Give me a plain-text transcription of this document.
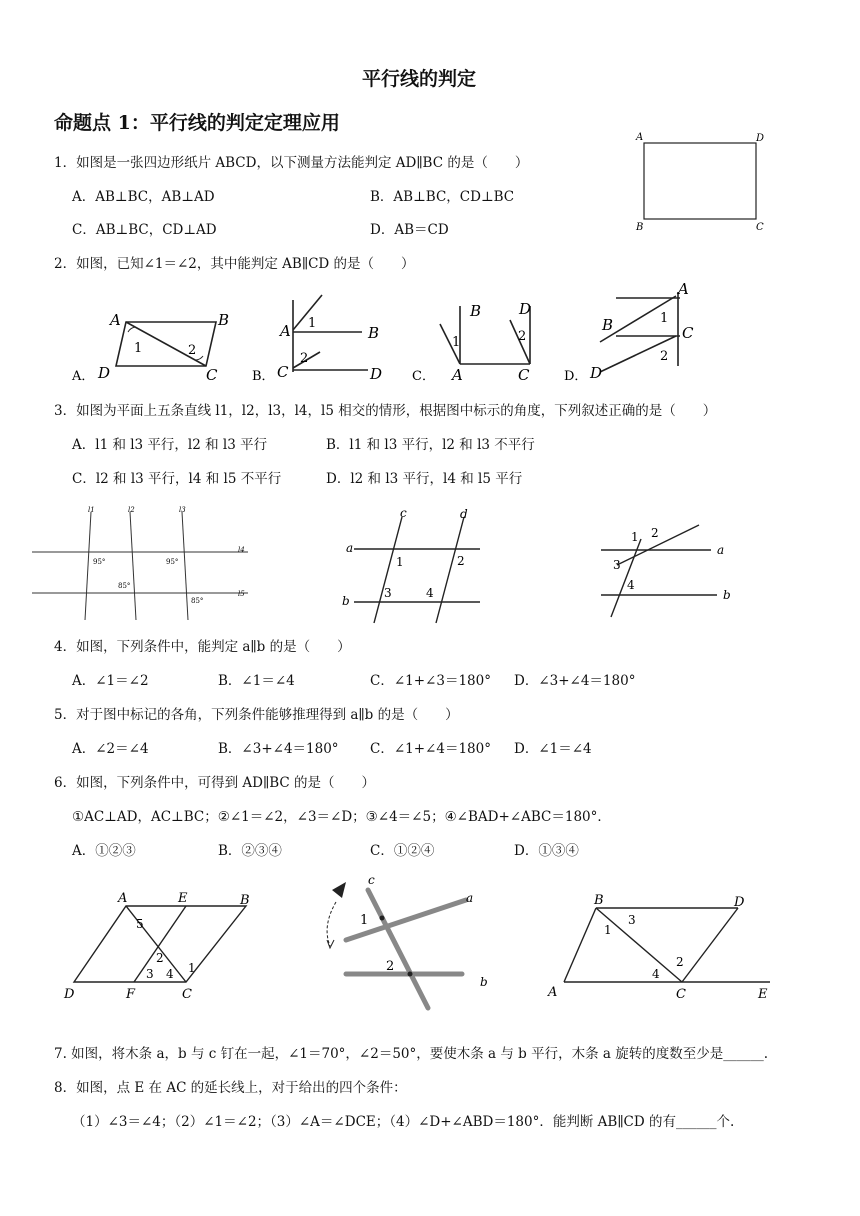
平行线的判定
命题点 1：平行线的判定定理应用
1．如图是一张四边形纸片 ABCD，以下测量方法能判定 AD∥BC 的是（　　）
A．AB⊥BC，AB⊥AD	B．AB⊥BC，CD⊥BC
C．AB⊥BC，CD⊥AD	D．AB＝CD
A	D
B	C
2．如图，已知∠1＝∠2，其中能判定 AB∥CD 的是（　　）
A．
A	B
D	C
1	2
B．
A	B
C	D
1
2
C．
B	D
A	C
1	2
D．
A
B	C
D
1
2
3．如图为平面上五条直线 l1，l2，l3，l4，l5 相交的情形，根据图中标示的角度，下列叙述正确的是（　　）
A．l1 和 l3 平行，l2 和 l3 平行	B．l1 和 l3 平行，l2 和 l3 不平行
C．l2 和 l3 平行，l4 和 l5 不平行	D．l2 和 l3 平行，l4 和 l5 平行
l1	l2	l3
l4
l5
95°	95°
85°
85°
c	d
a
b
1	2
3	4
a
b
1 2
3
4
4．如图，下列条件中，能判定 a∥b 的是（　　）
A．∠1＝∠2	B．∠1＝∠4	C．∠1+∠3＝180° D．∠3+∠4＝180°
5．对于图中标记的各角，下列条件能够推理得到 a∥b 的是（　　）
A．∠2＝∠4	B．∠3+∠4＝180° C．∠1+∠4＝180° D．∠1＝∠4
6．如图，下列条件中，可得到 AD∥BC 的是（　　）
①AC⊥AD，AC⊥BC；②∠1＝∠2，∠3＝∠D；③∠4＝∠5；④∠BAD+∠ABC＝180°．
A．①②③	B．②③④	C．①②④	D．①③④
A	E	B
D	F	C
5
2
3 4 1
c
a
b
1
2
B	D
A	C	E
1
3
4
2
7. 如图，将木条 a，b 与 c 钉在一起，∠1＝70°，∠2＝50°，要使木条 a 与 b 平行，木条 a 旋转的度数至少是______.
8．如图，点 E 在 AC 的延长线上，对于给出的四个条件：
（1）∠3＝∠4；（2）∠1＝∠2；（3）∠A＝∠DCE；（4）∠D+∠ABD＝180°．能判断 AB∥CD 的有______个.
